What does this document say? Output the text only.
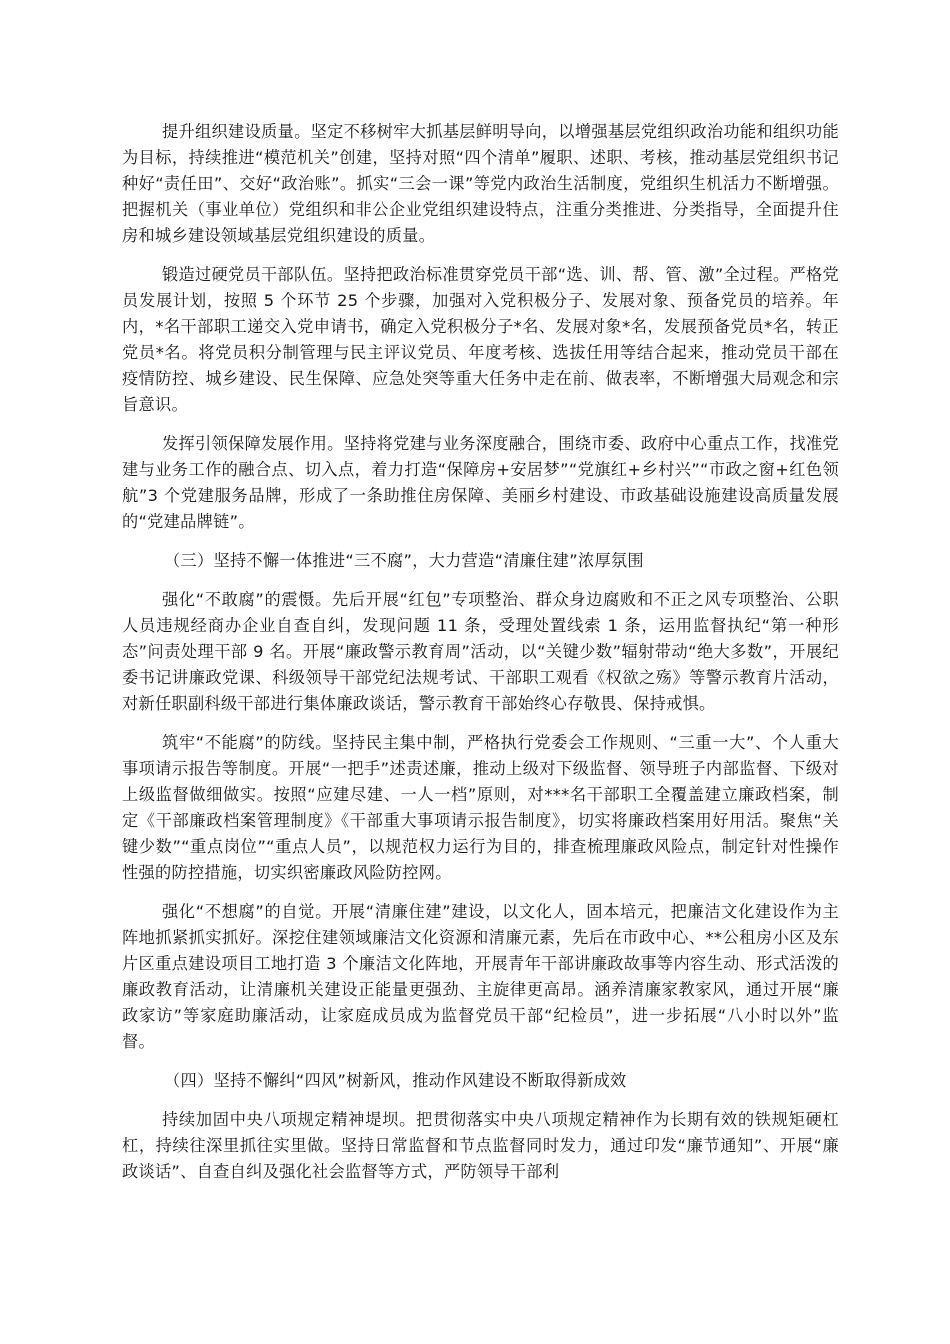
提升组织建设质量。坚定不移树牢大抓基层鲜明导向，以增强基层党组织政治功能和组织功能为目标，持续推进“模范机关”创建，坚持对照“四个清单”履职、述职、考核，推动基层党组织书记种好“责任田”、交好“政治账”。抓实“三会一课”等党内政治生活制度，党组织生机活力不断增强。把握机关（事业单位）党组织和非公企业党组织建设特点，注重分类推进、分类指导，全面提升住房和城乡建设领域基层党组织建设的质量。

锻造过硬党员干部队伍。坚持把政治标准贯穿党员干部“选、训、帮、管、激”全过程。严格党员发展计划，按照 5 个环节 25 个步骤，加强对入党积极分子、发展对象、预备党员的培养。年内，*名干部职工递交入党申请书，确定入党积极分子*名、发展对象*名，发展预备党员*名，转正党员*名。将党员积分制管理与民主评议党员、年度考核、选拔任用等结合起来，推动党员干部在疫情防控、城乡建设、民生保障、应急处突等重大任务中走在前、做表率，不断增强大局观念和宗旨意识。

发挥引领保障发展作用。坚持将党建与业务深度融合，围绕市委、政府中心重点工作，找准党建与业务工作的融合点、切入点，着力打造“保障房+安居梦”“党旗红+乡村兴”“市政之窗+红色领航”3 个党建服务品牌，形成了一条助推住房保障、美丽乡村建设、市政基础设施建设高质量发展的“党建品牌链”。

（三）坚持不懈一体推进“三不腐”，大力营造“清廉住建”浓厚氛围

强化“不敢腐”的震慑。先后开展“红包”专项整治、群众身边腐败和不正之风专项整治、公职人员违规经商办企业自查自纠，发现问题 11 条，受理处置线索 1 条，运用监督执纪“第一种形态”问责处理干部 9 名。开展“廉政警示教育周”活动，以“关键少数”辐射带动“绝大多数”，开展纪委书记讲廉政党课、科级领导干部党纪法规考试、干部职工观看《权欲之殇》等警示教育片活动，对新任职副科级干部进行集体廉政谈话，警示教育干部始终心存敬畏、保持戒惧。

筑牢“不能腐”的防线。坚持民主集中制，严格执行党委会工作规则、“三重一大”、个人重大事项请示报告等制度。开展“一把手”述责述廉，推动上级对下级监督、领导班子内部监督、下级对上级监督做细做实。按照“应建尽建、一人一档”原则，对***名干部职工全覆盖建立廉政档案，制定《干部廉政档案管理制度》《干部重大事项请示报告制度》，切实将廉政档案用好用活。聚焦“关键少数”“重点岗位”“重点人员”，以规范权力运行为目的，排查梳理廉政风险点，制定针对性操作性强的防控措施，切实织密廉政风险防控网。

强化“不想腐”的自觉。开展“清廉住建”建设，以文化人，固本培元，把廉洁文化建设作为主阵地抓紧抓实抓好。深挖住建领域廉洁文化资源和清廉元素，先后在市政中心、**公租房小区及东片区重点建设项目工地打造 3 个廉洁文化阵地，开展青年干部讲廉政故事等内容生动、形式活泼的廉政教育活动，让清廉机关建设正能量更强劲、主旋律更高昂。涵养清廉家教家风，通过开展“廉政家访”等家庭助廉活动，让家庭成员成为监督党员干部“纪检员”，进一步拓展“八小时以外”监督。

（四）坚持不懈纠“四风”树新风，推动作风建设不断取得新成效

持续加固中央八项规定精神堤坝。把贯彻落实中央八项规定精神作为长期有效的铁规矩硬杠杠，持续往深里抓往实里做。坚持日常监督和节点监督同时发力，通过印发“廉节通知”、开展“廉政谈话”、自查自纠及强化社会监督等方式，严防领导干部利
